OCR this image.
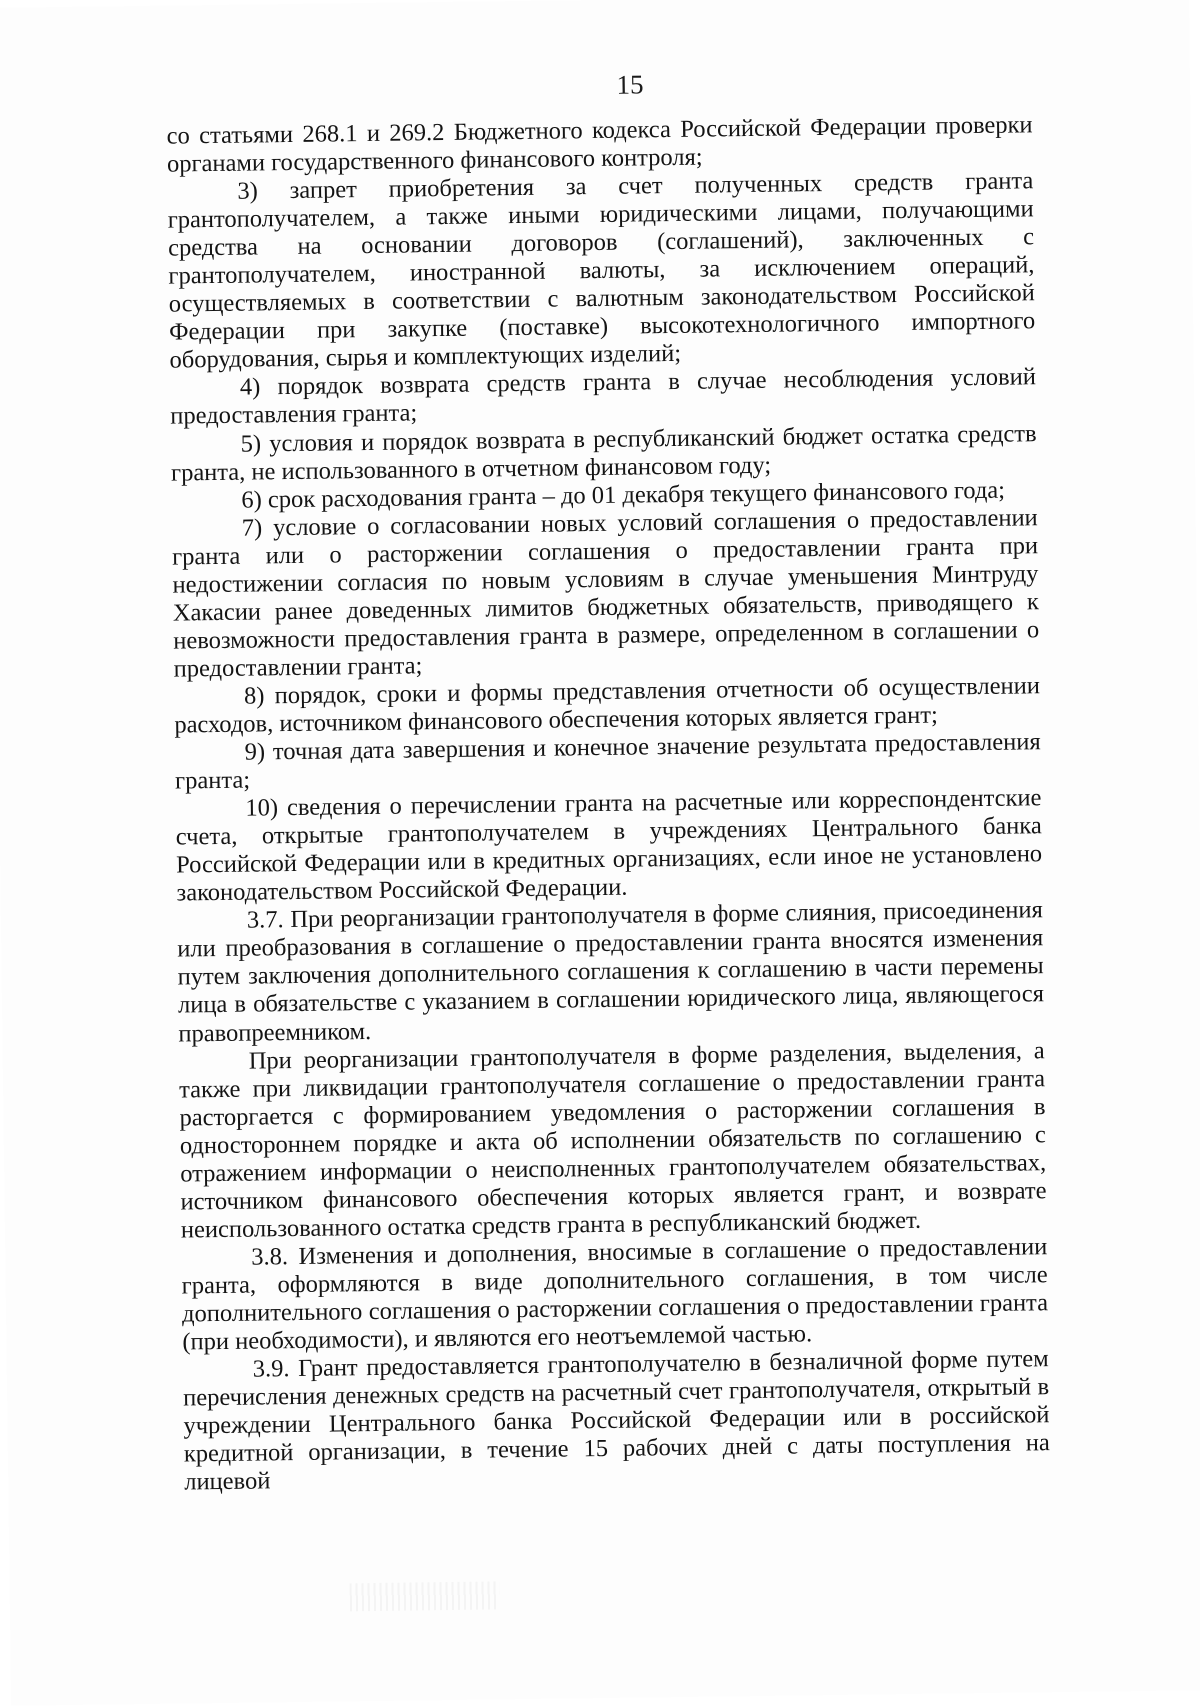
15

со статьями 268.1 и 269.2 Бюджетного кодекса Российской Федерации проверки органами государственного финансового контроля;

3) запрет приобретения за счет полученных средств гранта грантополучателем, а также иными юридическими лицами, получающими средства на основании договоров (соглашений), заключенных с грантополучателем, иностранной валюты, за исключением операций, осуществляемых в соответствии с валютным законодательством Российской Федерации при закупке (поставке) высокотехнологичного импортного оборудования, сырья и комплектующих изделий;

4) порядок возврата средств гранта в случае несоблюдения условий предоставления гранта;

5) условия и порядок возврата в республиканский бюджет остатка средств гранта, не использованного в отчетном финансовом году;

6) срок расходования гранта – до 01 декабря текущего финансового года;

7) условие о согласовании новых условий соглашения о предоставлении гранта или о расторжении соглашения о предоставлении гранта при недостижении согласия по новым условиям в случае уменьшения Минтруду Хакасии ранее доведенных лимитов бюджетных обязательств, приводящего к невозможности предоставления гранта в размере, определенном в соглашении о предоставлении гранта;

8) порядок, сроки и формы представления отчетности об осуществлении расходов, источником финансового обеспечения которых является грант;

9) точная дата завершения и конечное значение результата предоставления гранта;

10) сведения о перечислении гранта на расчетные или корреспондентские счета, открытые грантополучателем в учреждениях Центрального банка Российской Федерации или в кредитных организациях, если иное не установлено законодательством Российской Федерации.

3.7. При реорганизации грантополучателя в форме слияния, присоединения или преобразования в соглашение о предоставлении гранта вносятся изменения путем заключения дополнительного соглашения к соглашению в части перемены лица в обязательстве с указанием в соглашении юридического лица, являющегося правопреемником.

При реорганизации грантополучателя в форме разделения, выделения, а также при ликвидации грантополучателя соглашение о предоставлении гранта расторгается с формированием уведомления о расторжении соглашения в одностороннем порядке и акта об исполнении обязательств по соглашению с отражением информации о неисполненных грантополучателем обязательствах, источником финансового обеспечения которых является грант, и возврате неиспользованного остатка средств гранта в республиканский бюджет.

3.8. Изменения и дополнения, вносимые в соглашение о предоставлении гранта, оформляются в виде дополнительного соглашения, в том числе дополнительного соглашения о расторжении соглашения о предоставлении гранта (при необходимости), и являются его неотъемлемой частью.

3.9. Грант предоставляется грантополучателю в безналичной форме путем перечисления денежных средств на расчетный счет грантополучателя, открытый в учреждении Центрального банка Российской Федерации или в российской кредитной организации, в течение 15 рабочих дней с даты поступления на лицевой
